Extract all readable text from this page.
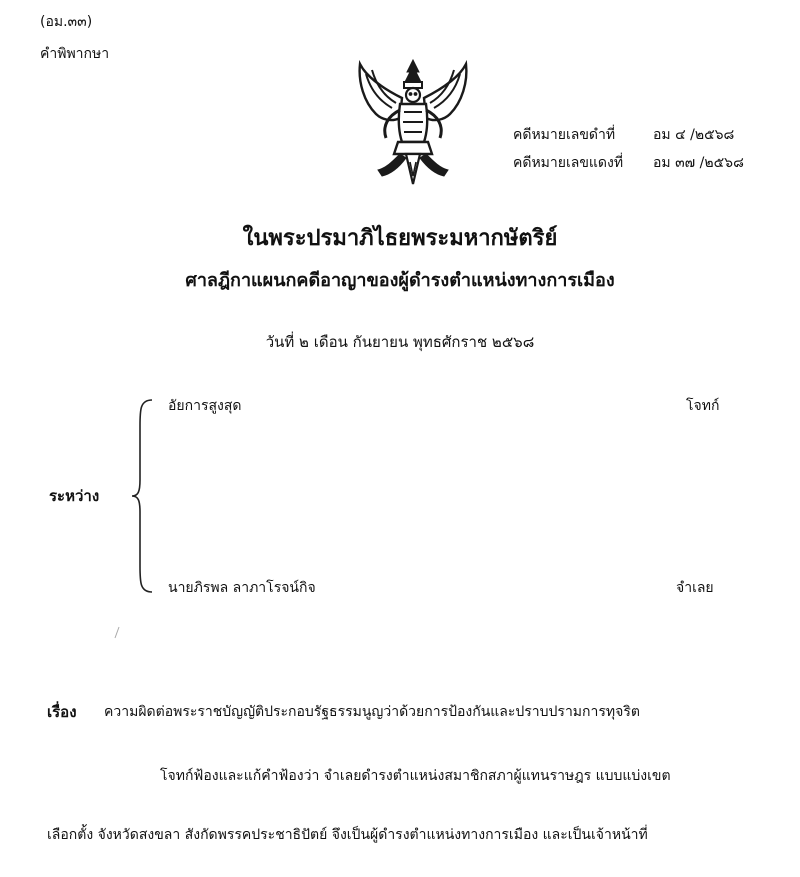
(อม.๓๓)
คำพิพากษา
คดีหมายเลขดำที่	อม ๔ /๒๕๖๘
คดีหมายเลขแดงที่ อม ๓๗ /๒๕๖๘
ในพระปรมาภิไธยพระมหากษัตริย์
ศาลฎีกาแผนกคดีอาญาของผู้ดำรงตำแหน่งทางการเมือง
วันที่ ๒ เดือน กันยายน พุทธศักราช ๒๕๖๘
อัยการสูงสุด	โจทก์
ระหว่าง
นายภิรพล ลาภาโรจน์กิจ	จำเลย
เรื่อง ความผิดต่อพระราชบัญญัติประกอบรัฐธรรมนูญว่าด้วยการป้องกันและปราบปรามการทุจริต
โจทก์ฟ้องและแก้คำฟ้องว่า จำเลยดำรงตำแหน่งสมาชิกสภาผู้แทนราษฎร แบบแบ่งเขต
เลือกตั้ง จังหวัดสงขลา สังกัดพรรคประชาธิปัตย์ จึงเป็นผู้ดำรงตำแหน่งทางการเมือง และเป็นเจ้าหน้าที่
